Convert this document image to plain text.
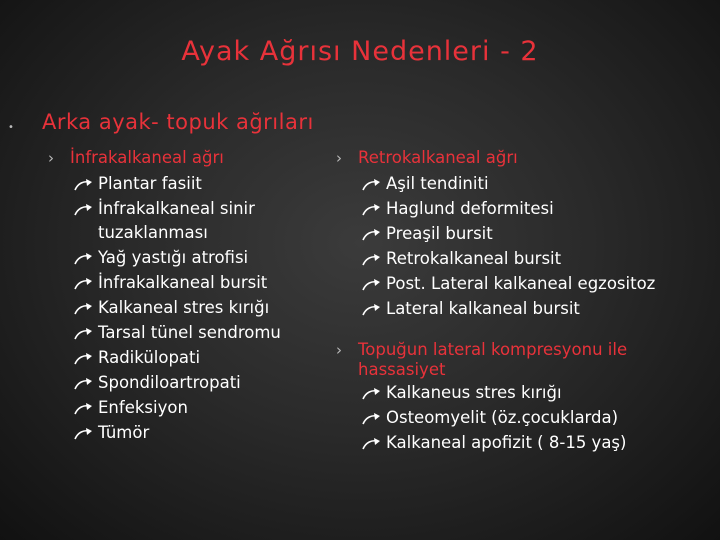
Ayak Ağrısı Nedenleri - 2
• Arka ayak- topuk ağrıları
› İnfrakalkaneal ağrı
Plantar fasiit
İnfrakalkaneal sinir tuzaklanması
Yağ yastığı atrofisi
İnfrakalkaneal bursit
Kalkaneal stres kırığı
Tarsal tünel sendromu
Radikülopati
Spondiloartropati
Enfeksiyon
Tümör
› Retrokalkaneal ağrı
Aşil tendiniti
Haglund deformitesi
Preaşil bursit
Retrokalkaneal bursit
Post. Lateral kalkaneal egzositoz
Lateral kalkaneal bursit
› Topuğun lateral kompresyonu ile hassasiyet
Kalkaneus stres kırığı
Osteomyelit (öz.çocuklarda)
Kalkaneal apofizit ( 8-15 yaş)
